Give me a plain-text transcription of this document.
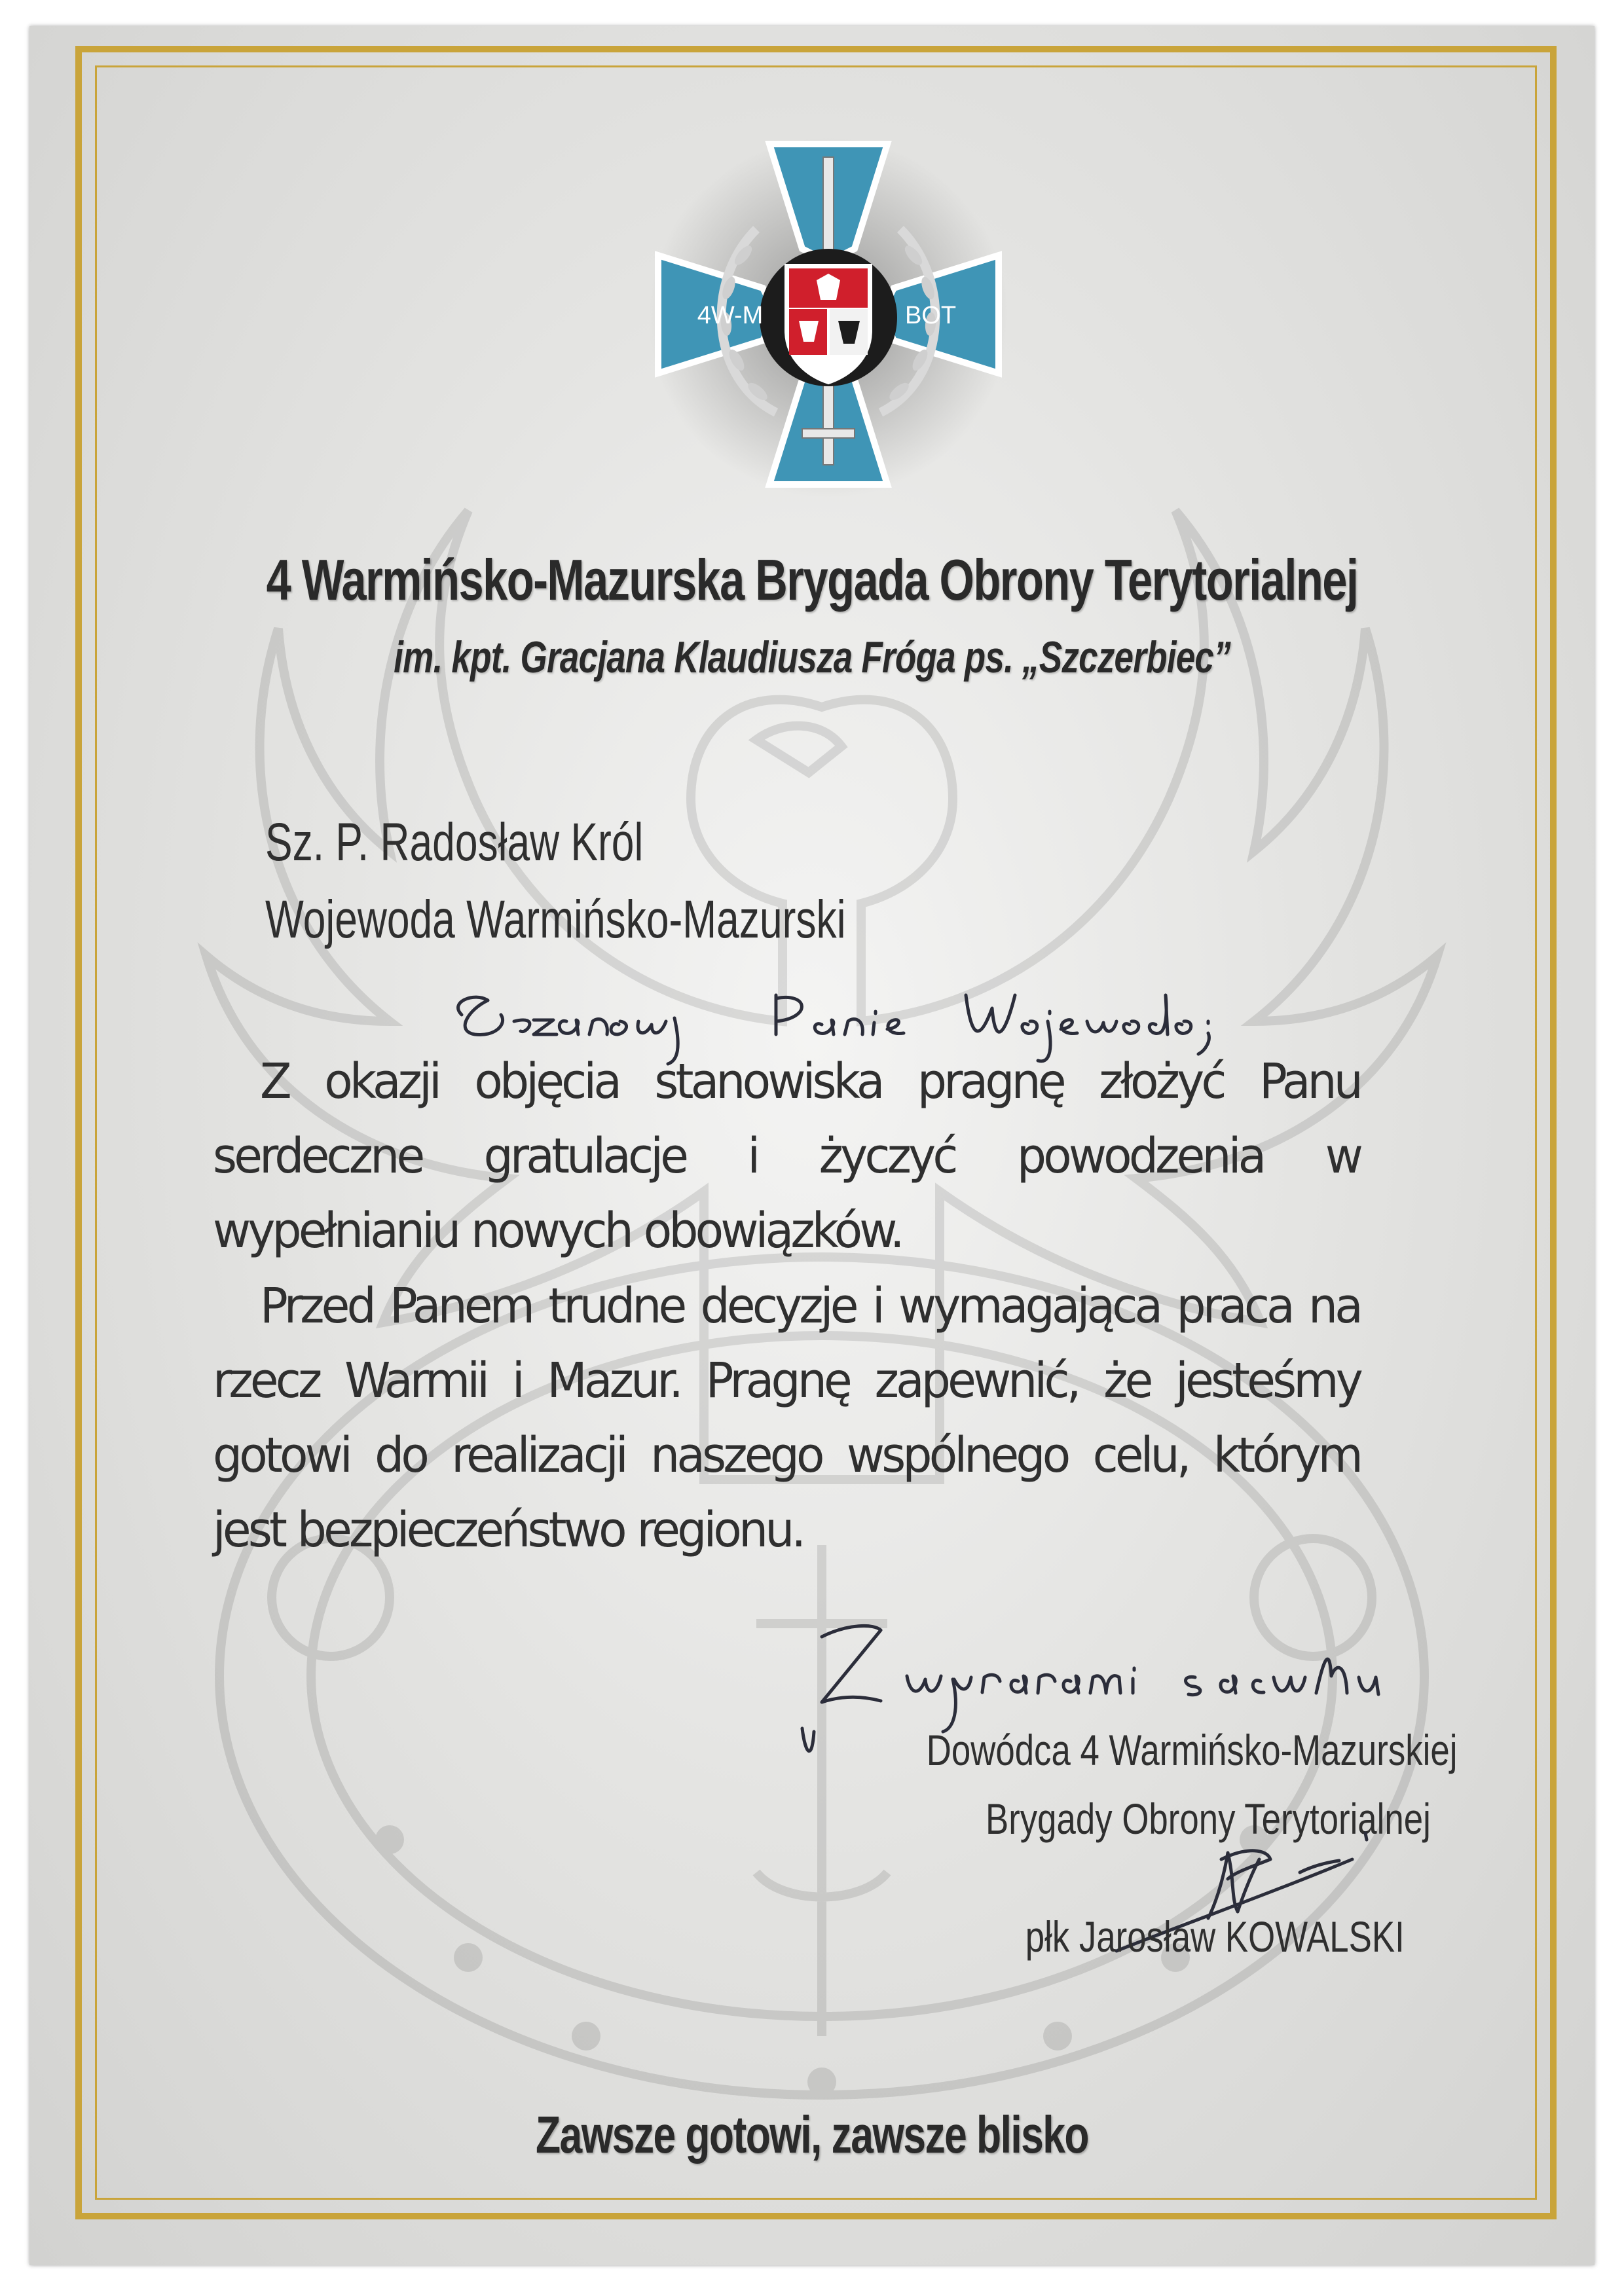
4W-M	BOT
4 Warmińsko-Mazurska Brygada Obrony Terytorialnej
im. kpt. Gracjana Klaudiusza Fróga ps. „Szczerbiec”
Sz. P. Radosław Król
Wojewoda Warmińsko-Mazurski
Z okazji objęcia stanowiska pragnę złożyć Panu serdeczne gratulacje i życzyć powodzenia w wypełnianiu nowych obowiązków.
Przed Panem trudne decyzje i wymagająca praca na rzecz Warmii i Mazur. Pragnę zapewnić, że jesteśmy gotowi do realizacji naszego wspólnego celu, którym jest bezpieczeństwo regionu.
Dowódca 4 Warmińsko-Mazurskiej
Brygady Obrony Terytorialnej
płk Jarosław KOWALSKI
Zawsze gotowi, zawsze blisko
